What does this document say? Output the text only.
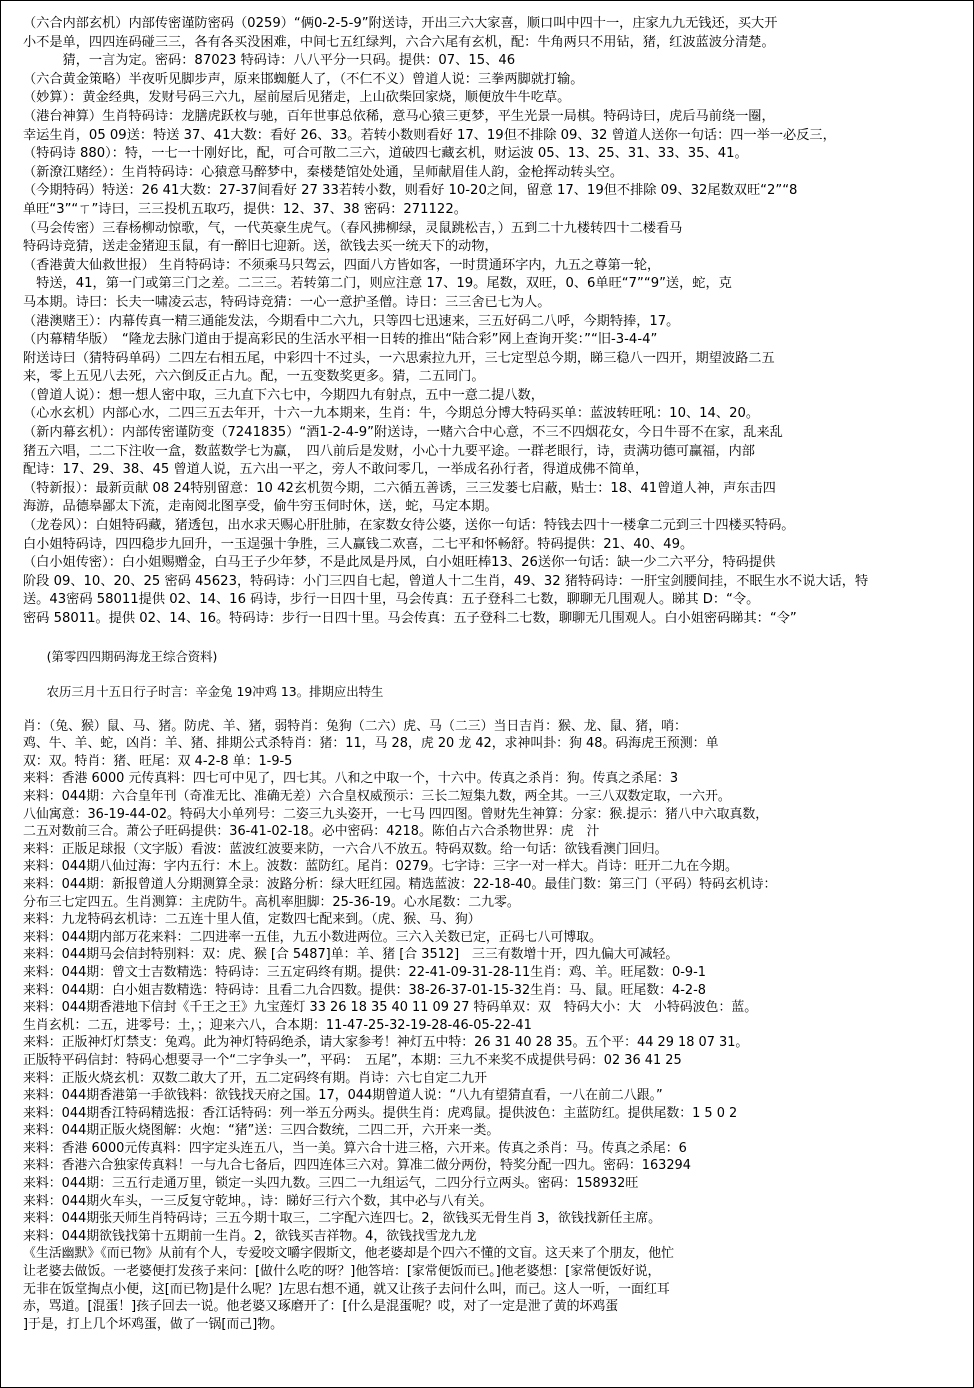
（六合内部玄机）内部传密谨防密码（0259）“俩0-2-5-9”附送诗，开出三六大家喜，顺口叫中四十一，庄家九九无钱还，买大开
小不是单，四四连码碰三三，各有各买没困难，中间七五红绿判，六合六尾有玄机，配：牛角两只不用钻，猪，红波蓝波分清楚。
　　　猜，一言为定。密码：87023 特码诗：八八平分一只码。提供：07、15、46
（六合黄金策略）半夜听见脚步声，原来邯蜘艇人了，（不仁不义）曾道人说：三拳两脚就打输。
（妙算）：黄金经典，发财号码三六九，屋前屋后见猪走，上山砍柴回家烧，顺便放牛牛吃草。
（港台神算）生肖特码诗：龙膳虎跃枚与驰，百年世事总依稀，意马心猿三更梦，平生光景一局棋。特码诗曰，虎后马前绕一圈，
幸运生肖，05 09送：特送 37、41大数：看好 26、33。若转小数则看好 17、19但不排除 09、32 曾道人送你一句话：四一举一必反三，
（特码诗 880）：特，一七一十刚好比，配，可合可散二三六，道破四七藏玄机，财运波 05、13、25、31、33、35、41。
（新潦江赌经）：生肖特码诗：心猿意马醉梦中，秦楼楚馆处处通，呈师献眉佳人韵，金枪挥动转头空。
（今期特码）特送：26 41大数：27-37间看好 27 33若转小数，则看好 10-20之间，留意 17、19但不排除 09、32尾数双旺“2”“8
单旺“3”“ㄒ”诗曰，三三投机五取巧，提供：12、37、38 密码：271122。
（马会传密）三春杨柳动惊歌，气，一代英豪生虎气。（春风拂柳绿，灵鼠跳松吉，）五到二十九楼转四十二楼看马
特码诗竞猜，送走金猪迎玉鼠，有一醉旧七迎新。送，欲钱去买一统天下的动物，
（香港黄大仙救世报） 生肖特码诗：不须乘马只驾云，四面八方皆如客，一时贯通环字内，九五之尊第一轮，
　特送，41，第一门或第三门之差。二三三。若转第二门，则应注意 17、19。尾数，双旺，0、6单旺“7”“9”送，蛇，克
马本期。诗曰：长夫一啸凌云志，特码诗竞猜：一心一意护圣僧。诗日：三三舍已七为人。
（港澳赌王）：内幕传真一精三通能发法，今期看中二六九，只等四七迅速来，三五好码二八呼，今期特捧，17。
（内幕精华版）　“隆龙去脉门道由于提高彩民的生活水平相一日转的推出“陆合彩”网上查询开奖：”“旧-3-4-4”
附送诗曰（猜特码单码）二四左右相五尾，中彩四十不过头，一六思索拉九开，三七定型总今期，睇三稳八一四开，期望波路二五
来，零上五见八去死，六六倒反正占九。配，一五变数奖更多。猜，二五同门。
（曾道人说）：想一想人密中取，三九直下六七中，今期四九有射点，五中一意二提八数，
（心水玄机）内部心水，二四三五去年开，十六一九本期来，生肖：牛，今期总分博大特码买单：蓝波转旺吼：10、14、20。
（新内幕玄机）：内部传密谨防变（7241835）“酒1-2-4-9”附送诗，一赌六合中心意，不三不四烟花女，今日牛哥不在家，乱来乱
猪五六唱，二二下注收一盒，数蓝数学七为赢，　四八前后是发财，小心十九要平途。一群老眼行，诗，责满功德可赢福，内部
配诗：17、29、38、45 曾道人说，五六出一平之，旁人不敢问零几，一举成名孙行者，得道成佛不简单，
（特新报）：最新贡献 08 24特别留意：10 42玄机贺今期，二六循五善诱，三三发蒌七启蔽，贴士：18、41曾道人神，声东击四
海游，品德皋鄙太下流，走南阅北图享受，偷牛穷玉伺时休，送，蛇，马定本期。
（龙卷风）：白姐特码藏，猪透包，出水求天赐心肝肚肺，在家数女待公婆，送你一句话：特钱去四十一楼拿二元到三十四楼买特码。
白小姐特码诗，四四稳步九回升，一玉逞强十争胜，三人赢钱二欢喜，二七平和怀畅舒。特码提供：21、40、49。
（白小姐传密）：白小姐赐赠金，白马王子少年梦，不是此凤是丹凤，白小姐旺棒13、26送你一句话：缺一少二六平分，特码提供
阶段 09、10、20、25 密码 45623，特码诗：小门三四自七起，曾道人十二生肖，49、32 猪特码诗：一肝宝剑腰间挂，不眠生水不说大话，特
送。43密码 58011提供 02、14、16 码诗，步行一日四十里，马会传真：五子登科二七数，聊聊无几围观人。睇其 D：“令。
密码 58011。提供 02、14、16。特码诗：步行一日四十里。马会传真：五子登科二七数，聊聊无几围观人。白小姐密码睇其：“令”

(第零四四期码海龙王综合资料)

农历三月十五日行子时言：辛金兔 19冲鸡 13。排期应出特生

肖：（兔、猴）鼠、马、猪。防虎、羊、猪，弱特肖：兔狗（二六）虎、马（二三）当日吉肖：猴、龙、鼠、猪，哨：
鸡、牛、羊、蛇，凶肖：羊、猪、排期公式杀特肖：猪：11，马 28，虎 20 龙 42，求神叫卦：狗 48。码海虎王预测：单
双：双。特肖：猪、旺尾：双 4-2-8 单：1-9-5
来料：香港 6000 元传真料：四七可中见了，四七其。八和之中取一个，十六中。传真之杀肖：狗。传真之杀尾：3
来料：044期：六合皇年刊（奇准无比、准确无差）六合皇权威预示：三长二短集九数，两全其。一三八双数定取，一六开。
八仙寓意：36-19-44-02。特码大小单列号：二姿三九头姿开，一七马 四四图。曾财先生神算：分家：猴.提示：猪八中六取真数，
二五对数前三合。萧公子旺码提供：36-41-02-18。必中密码：4218。陈伯占六合杀物世界：虎　汁
来料：正版足球报（文字版）看波：蓝波红波要来防，一六合八不放五。特码双数。给一句话：欲钱看澳门回归。
来料：044期八仙过海：字内五行：木上。波数：蓝防红。尾肖：0279。七字诗：三字一对一样大。肖诗：旺开二九在今期。
来料：044期：新报曾道人分期测算全录：波路分析：绿大旺红园。精选蓝波：22-18-40。最佳门数：第三门（平码）特码玄机诗：
分布三七定四五。生肖测算：主虎防牛。高机率胆脚：25-36-19。心水尾数：二九零。
来料：九龙特码玄机诗：二五连十里人值，定数四七配来到。（虎、猴、马、狗）
来料：044期内部万花来料：二四进率一五佳，九五小数进两位。三六入关数已定，正码七八可博取。
来料：044期马会信封特别料：双：虎、猴 [合 5487]单：羊、猪 [合 3512]　三三有数增十开，四九偏大可减轻。
来料：044期：曾文士吉数精选：特码诗：三五定码终有期。提供：22-41-09-31-28-11生肖：鸡、羊。旺尾数：0-9-1
来料：044期：白小姐吉数精选：特码诗：且看二九合四数。提供：38-26-37-01-15-32生肖：马、鼠。旺尾数：4-2-8
来料：044期香港地下信封《千王之王》九宝莲灯 33 26 18 35 40 11 09 27 特码单双：双　特码大小：大　小特码波色：蓝。
生肖玄机：二五，进零号：土，；迎来六八，合本期：11-47-25-32-19-28-46-05-22-41
来料：正版神灯灯禁支：兔鸡。此为神灯特码绝杀，请大家参考！神灯五中特：26 31 40 28 35。五个平：44 29 18 07 31。
正版特平码信封：特码心想要寻一个“二字争头一”，平码：　五尾”，本期：三九不来奖不成提供号码：02 36 41 25
来料：正版火烧玄机：双数二敢大了开，五二定码终有期。肖诗：六七自定二九开
来料：044期香港第一手欲钱料：欲钱找天府之国。17，044期曾道人说：“八九有望猜直看，一八在前二八跟。”
来料：044期香江特码精选报：香江话特码：列一举五分两头。提供生肖：虎鸡鼠。提供波色：主蓝防红。提供尾数：1 5 0 2
来料：044期正版火烧图解：火炮：“猪”送：三四合数统，二四二开，六开来一类。
来料：香港 6000元传真料：四字定头连五八，当一美。算六合十进三格，六开来。传真之杀肖：马。传真之杀尾：6
来料：香港六合独家传真料！一与九合七备后，四四连体三六对。算准二做分两份，特奖分配一四九。密码：163294
来料：044期：三五行走通万里，锁定一头四九数。三四二一九组运气，二四分行立两头。密码：158932旺
来料：044期火车头，一三反复守乾坤。，诗：睇好三行六个数，其中必与八有关。
来料：044期张天师生肖特码诗；三五今期十取三，二字配六连四七。2，欲钱买无骨生肖 3，欲钱找新任主席。
来料：044期欲钱找第十五期前一生肖。2，欲钱买吉祥物。4，欲钱找雪龙九龙
《生活幽默》《而已物》从前有个人，专爱咬文嚼字假斯文，他老婆却是个四六不懂的文盲。这天来了个朋友，他忙
让老婆去做饭。一老婆便打发孩子来问：[做什么吃的呀？]他答培：[家常便饭而已。]他老婆想：[家常便饭好说，
无非在饭堂掏点小便，这[而已物]是什么呢？]左思右想不通，就又让孩子去问什么叫，而己。这人一听，一面红耳
赤，骂道。[混蛋！]孩子回去一说。他老婆又琢磨开了：[什么是混蛋呢？哎，对了一定是泄了黄的坏鸡蛋
]于是，打上几个坏鸡蛋，做了一锅[而己]物。
